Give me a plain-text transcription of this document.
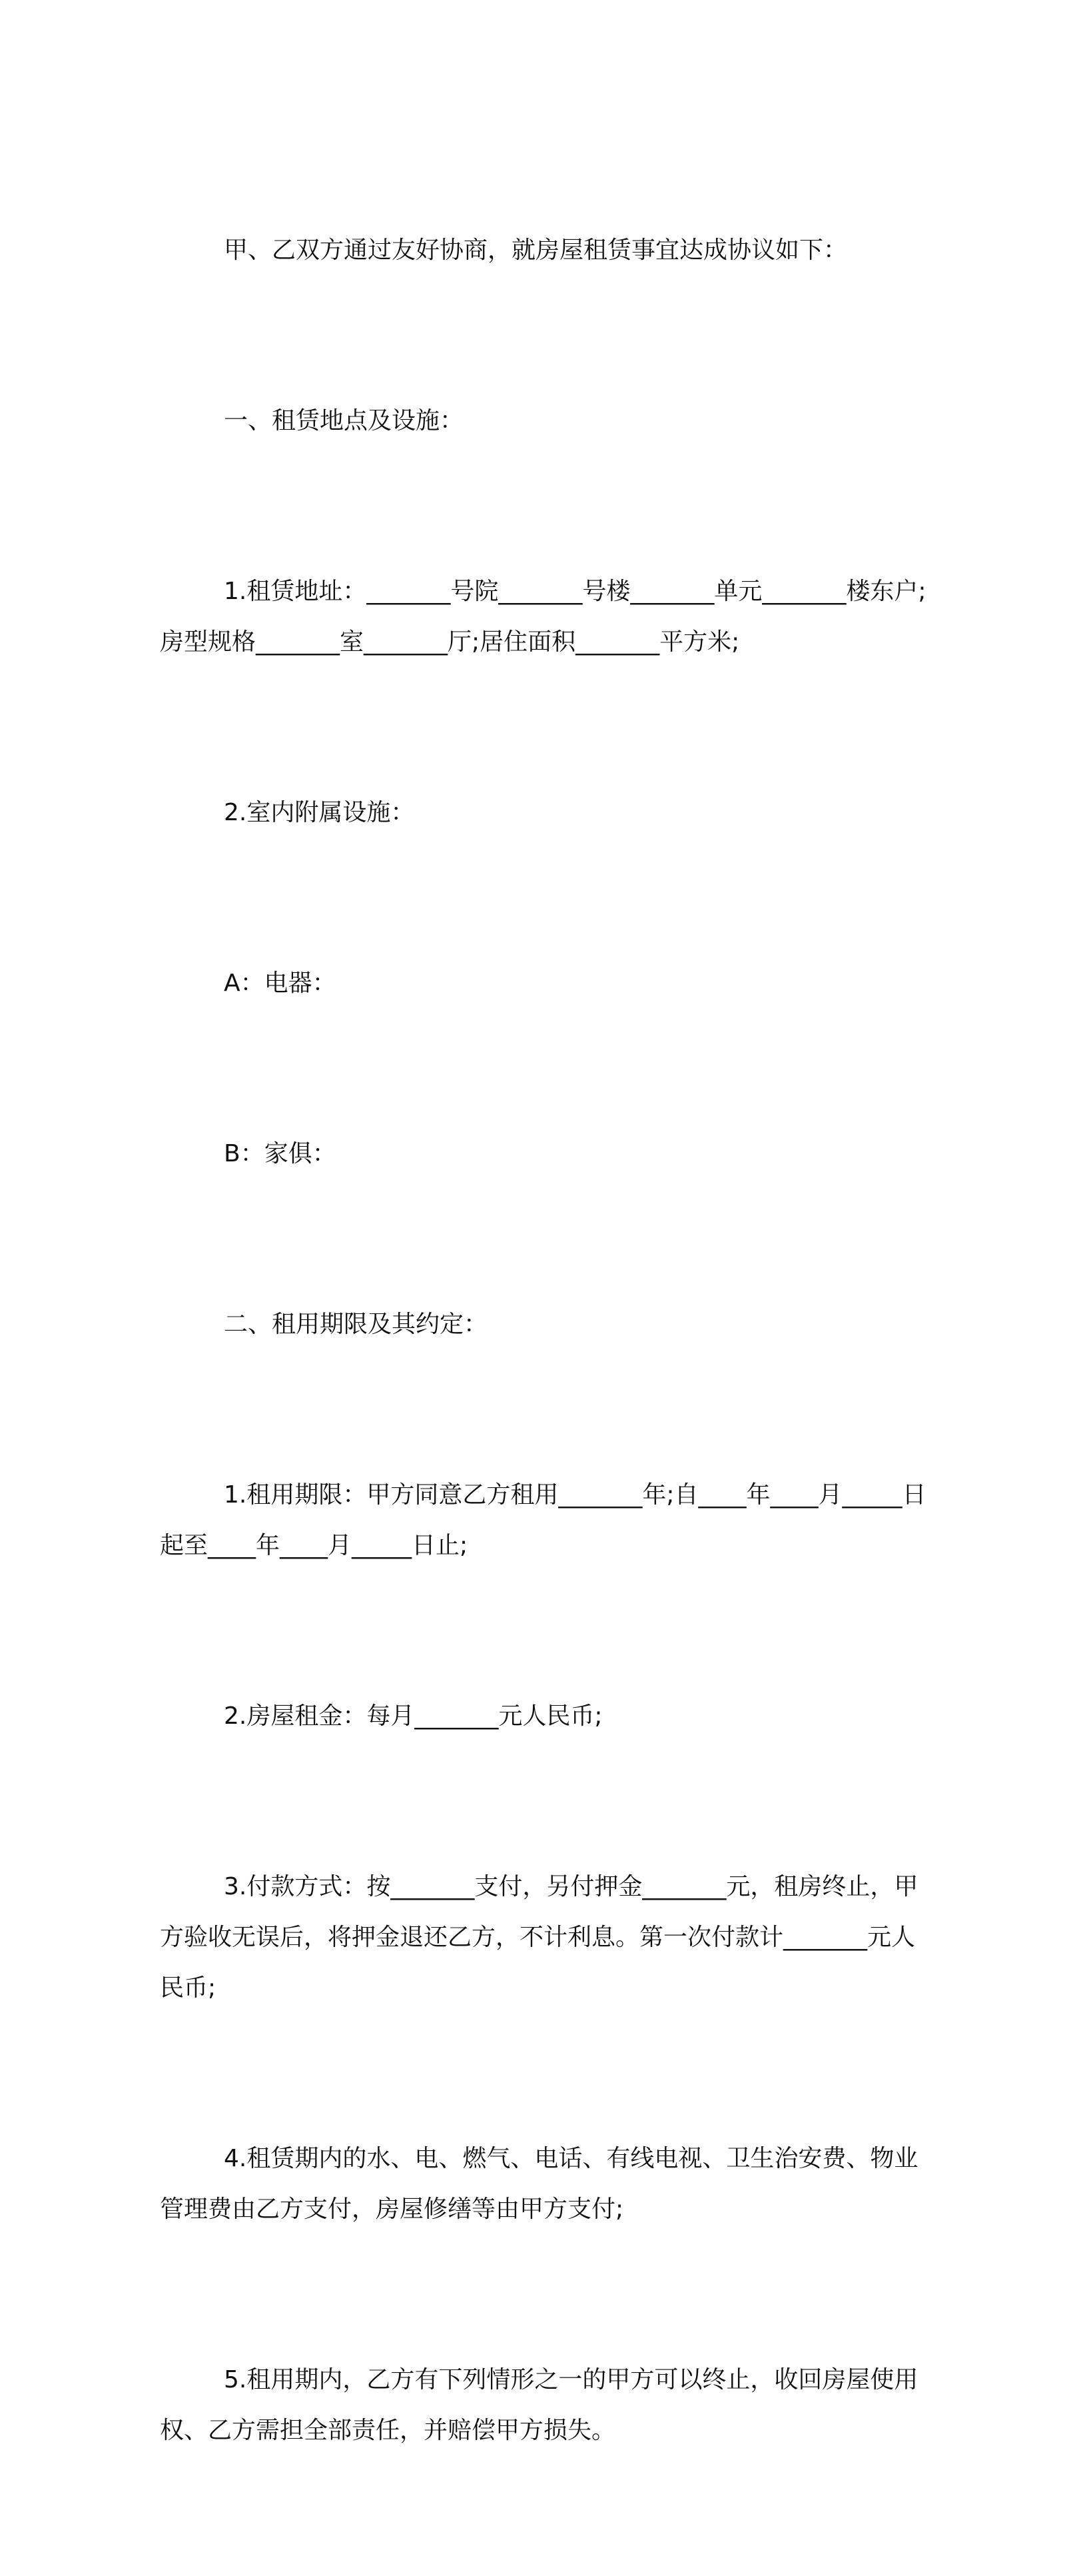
甲、乙双方通过友好协商，就房屋租赁事宜达成协议如下：

一、租赁地点及设施：

1.租赁地址：_______号院_______号楼_______单元_______楼东户;房型规格_______室_______厅;居住面积_______平方米;

2.室内附属设施：

A：电器：

B：家俱：

二、租用期限及其约定：

1.租用期限：甲方同意乙方租用_______年;自____年____月_____日起至____年____月_____日止;

2.房屋租金：每月_______元人民币;

3.付款方式：按_______支付，另付押金_______元，租房终止，甲方验收无误后，将押金退还乙方，不计利息。第一次付款计_______元人民币;

4.租赁期内的水、电、燃气、电话、有线电视、卫生治安费、物业管理费由乙方支付，房屋修缮等由甲方支付;

5.租用期内，乙方有下列情形之一的甲方可以终止，收回房屋使用权、乙方需担全部责任，并赔偿甲方损失。
